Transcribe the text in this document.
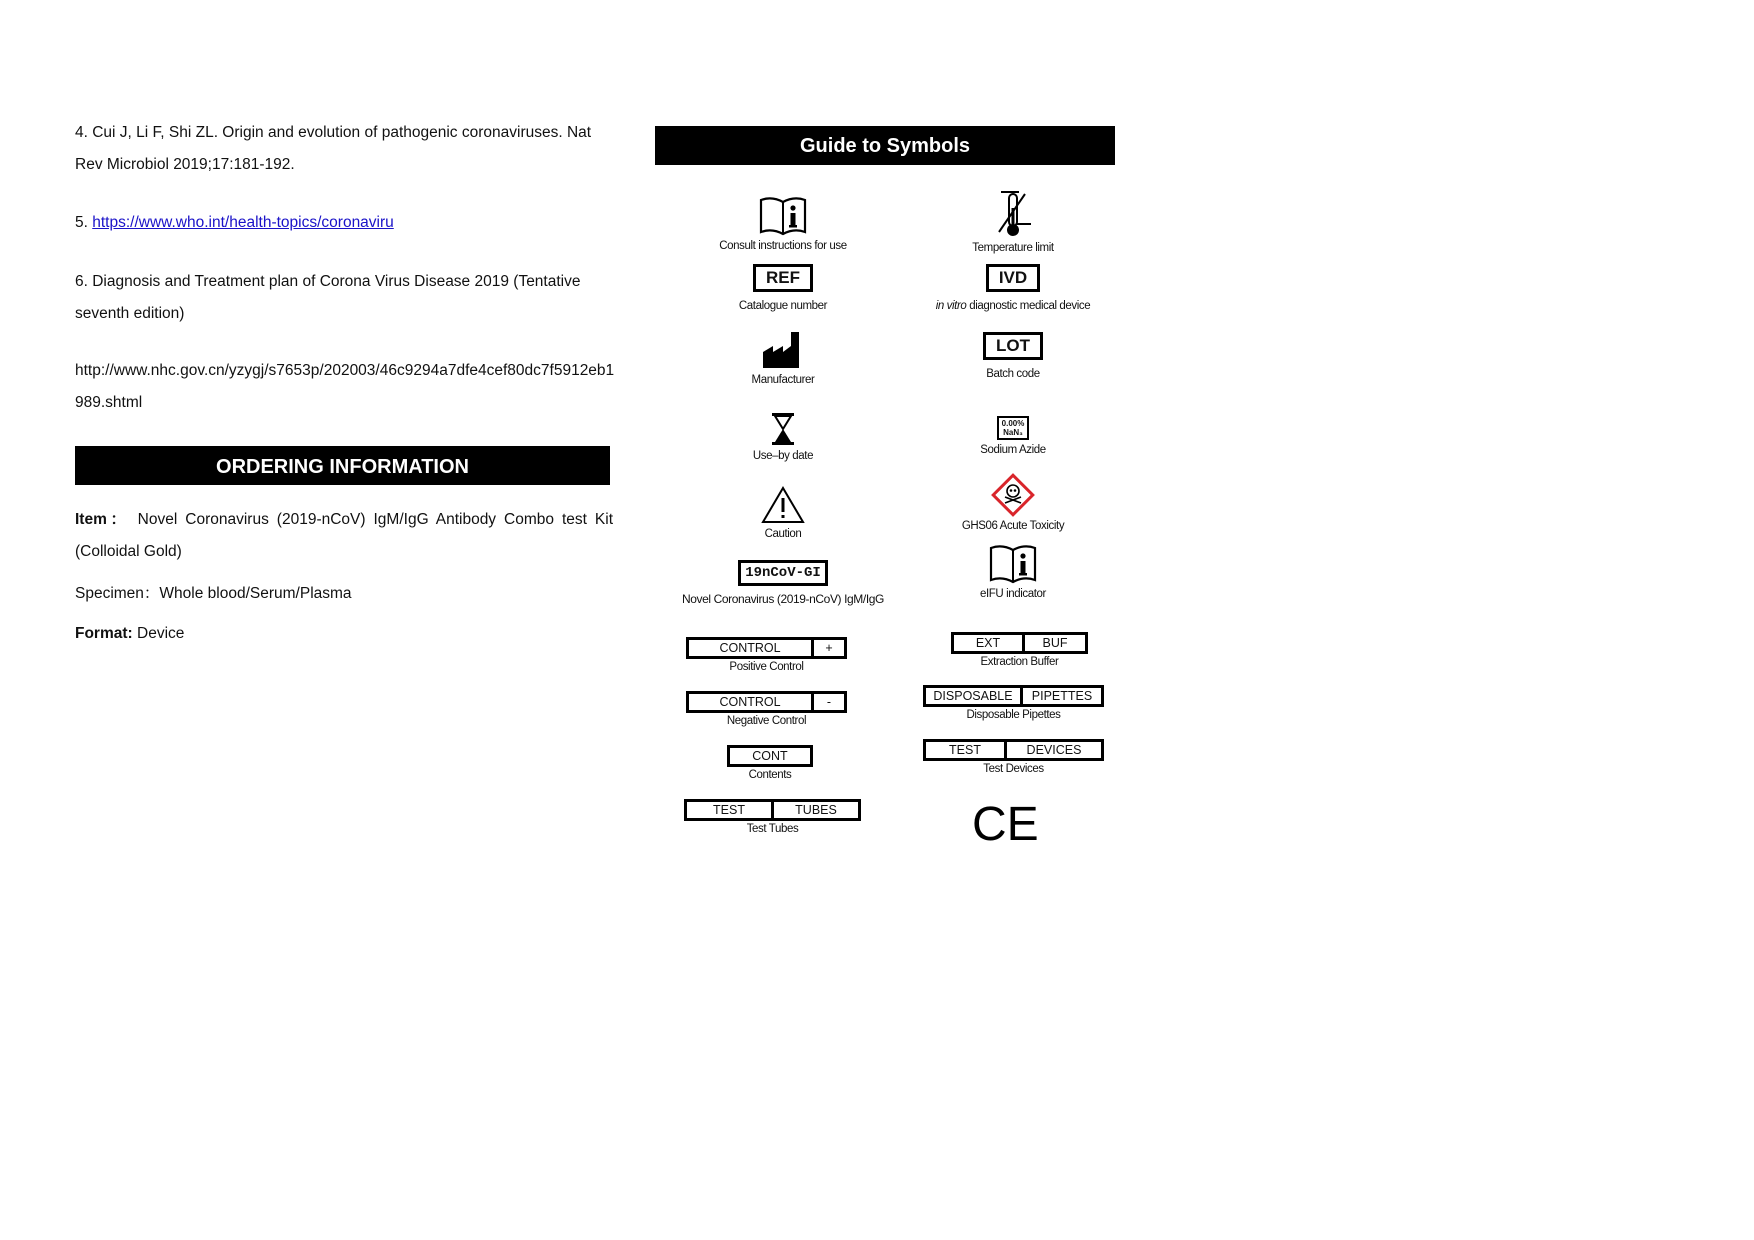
4. Cui J, Li F, Shi ZL. Origin and evolution of pathogenic coronaviruses. Nat Rev Microbiol 2019;17:181-192.

5. https://www.who.int/health-topics/coronaviru

6. Diagnosis and Treatment plan of Corona Virus Disease 2019 (Tentative seventh edition)

http://www.nhc.gov.cn/yzygj/s7653p/202003/46c9294a7dfe4cef80dc7f5912eb1989.shtml

ORDERING INFORMATION

Item： Novel Coronavirus (2019-nCoV) IgM/IgG Antibody Combo test Kit (Colloidal Gold)

Specimen：Whole blood/Serum/Plasma

Format: Device

Guide to Symbols
Consult instructions for use	Temperature limit
REF
Catalogue number
IVD
in vitro diagnostic medical device
Manufacturer
LOT
Batch code
Use–by date
0.00%
NaN₃
Sodium Azide
Caution
GHS06 Acute Toxicity
19nCoV-GI
Novel Coronavirus (2019-nCoV) IgM/IgG	eIFU indicator
CONTROL	+
Positive Control
EXT	BUF
Extraction Buffer
CONTROL	-
Negative Control
DISPOSABLE	PIPETTES
Disposable Pipettes
CONT
Contents
TEST	DEVICES
Test Devices
TEST	TUBES
Test Tubes	CE
